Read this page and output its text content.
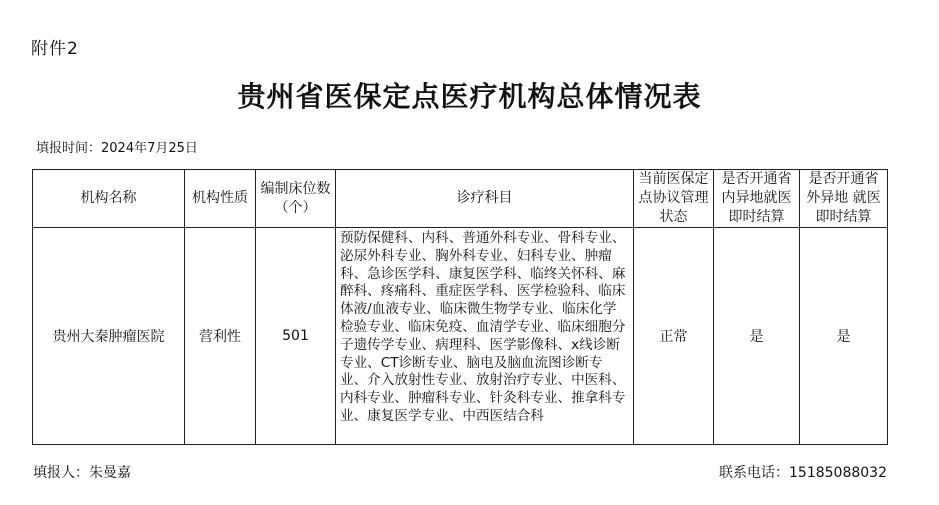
附件2
贵州省医保定点医疗机构总体情况表
填报时间：2024年7月25日
机构名称	机构性质	编制床位数（个）	诊疗科目	当前医保定点协议管理状态	是否开通省内异地就医即时结算	是否开通省外异地 就医即时结算
贵州大秦肿瘤医院	营利性	501	预防保健科、内科、普通外科专业、骨科专业、泌尿外科专业、胸外科专业、妇科专业、肿瘤科、急诊医学科、康复医学科、临终关怀科、麻醉科、疼痛科、重症医学科、医学检验科、临床体液/血液专业、临床微生物学专业、临床化学检验专业、临床免疫、血清学专业、临床细胞分子遗传学专业、病理科、医学影像科、x线诊断专业、CT诊断专业、脑电及脑血流图诊断专业、介入放射性专业、放射治疗专业、中医科、内科专业、肿瘤科专业、针灸科专业、推拿科专业、康复医学专业、中西医结合科	正常	是	是
填报人：朱曼嘉	联系电话：15185088032
